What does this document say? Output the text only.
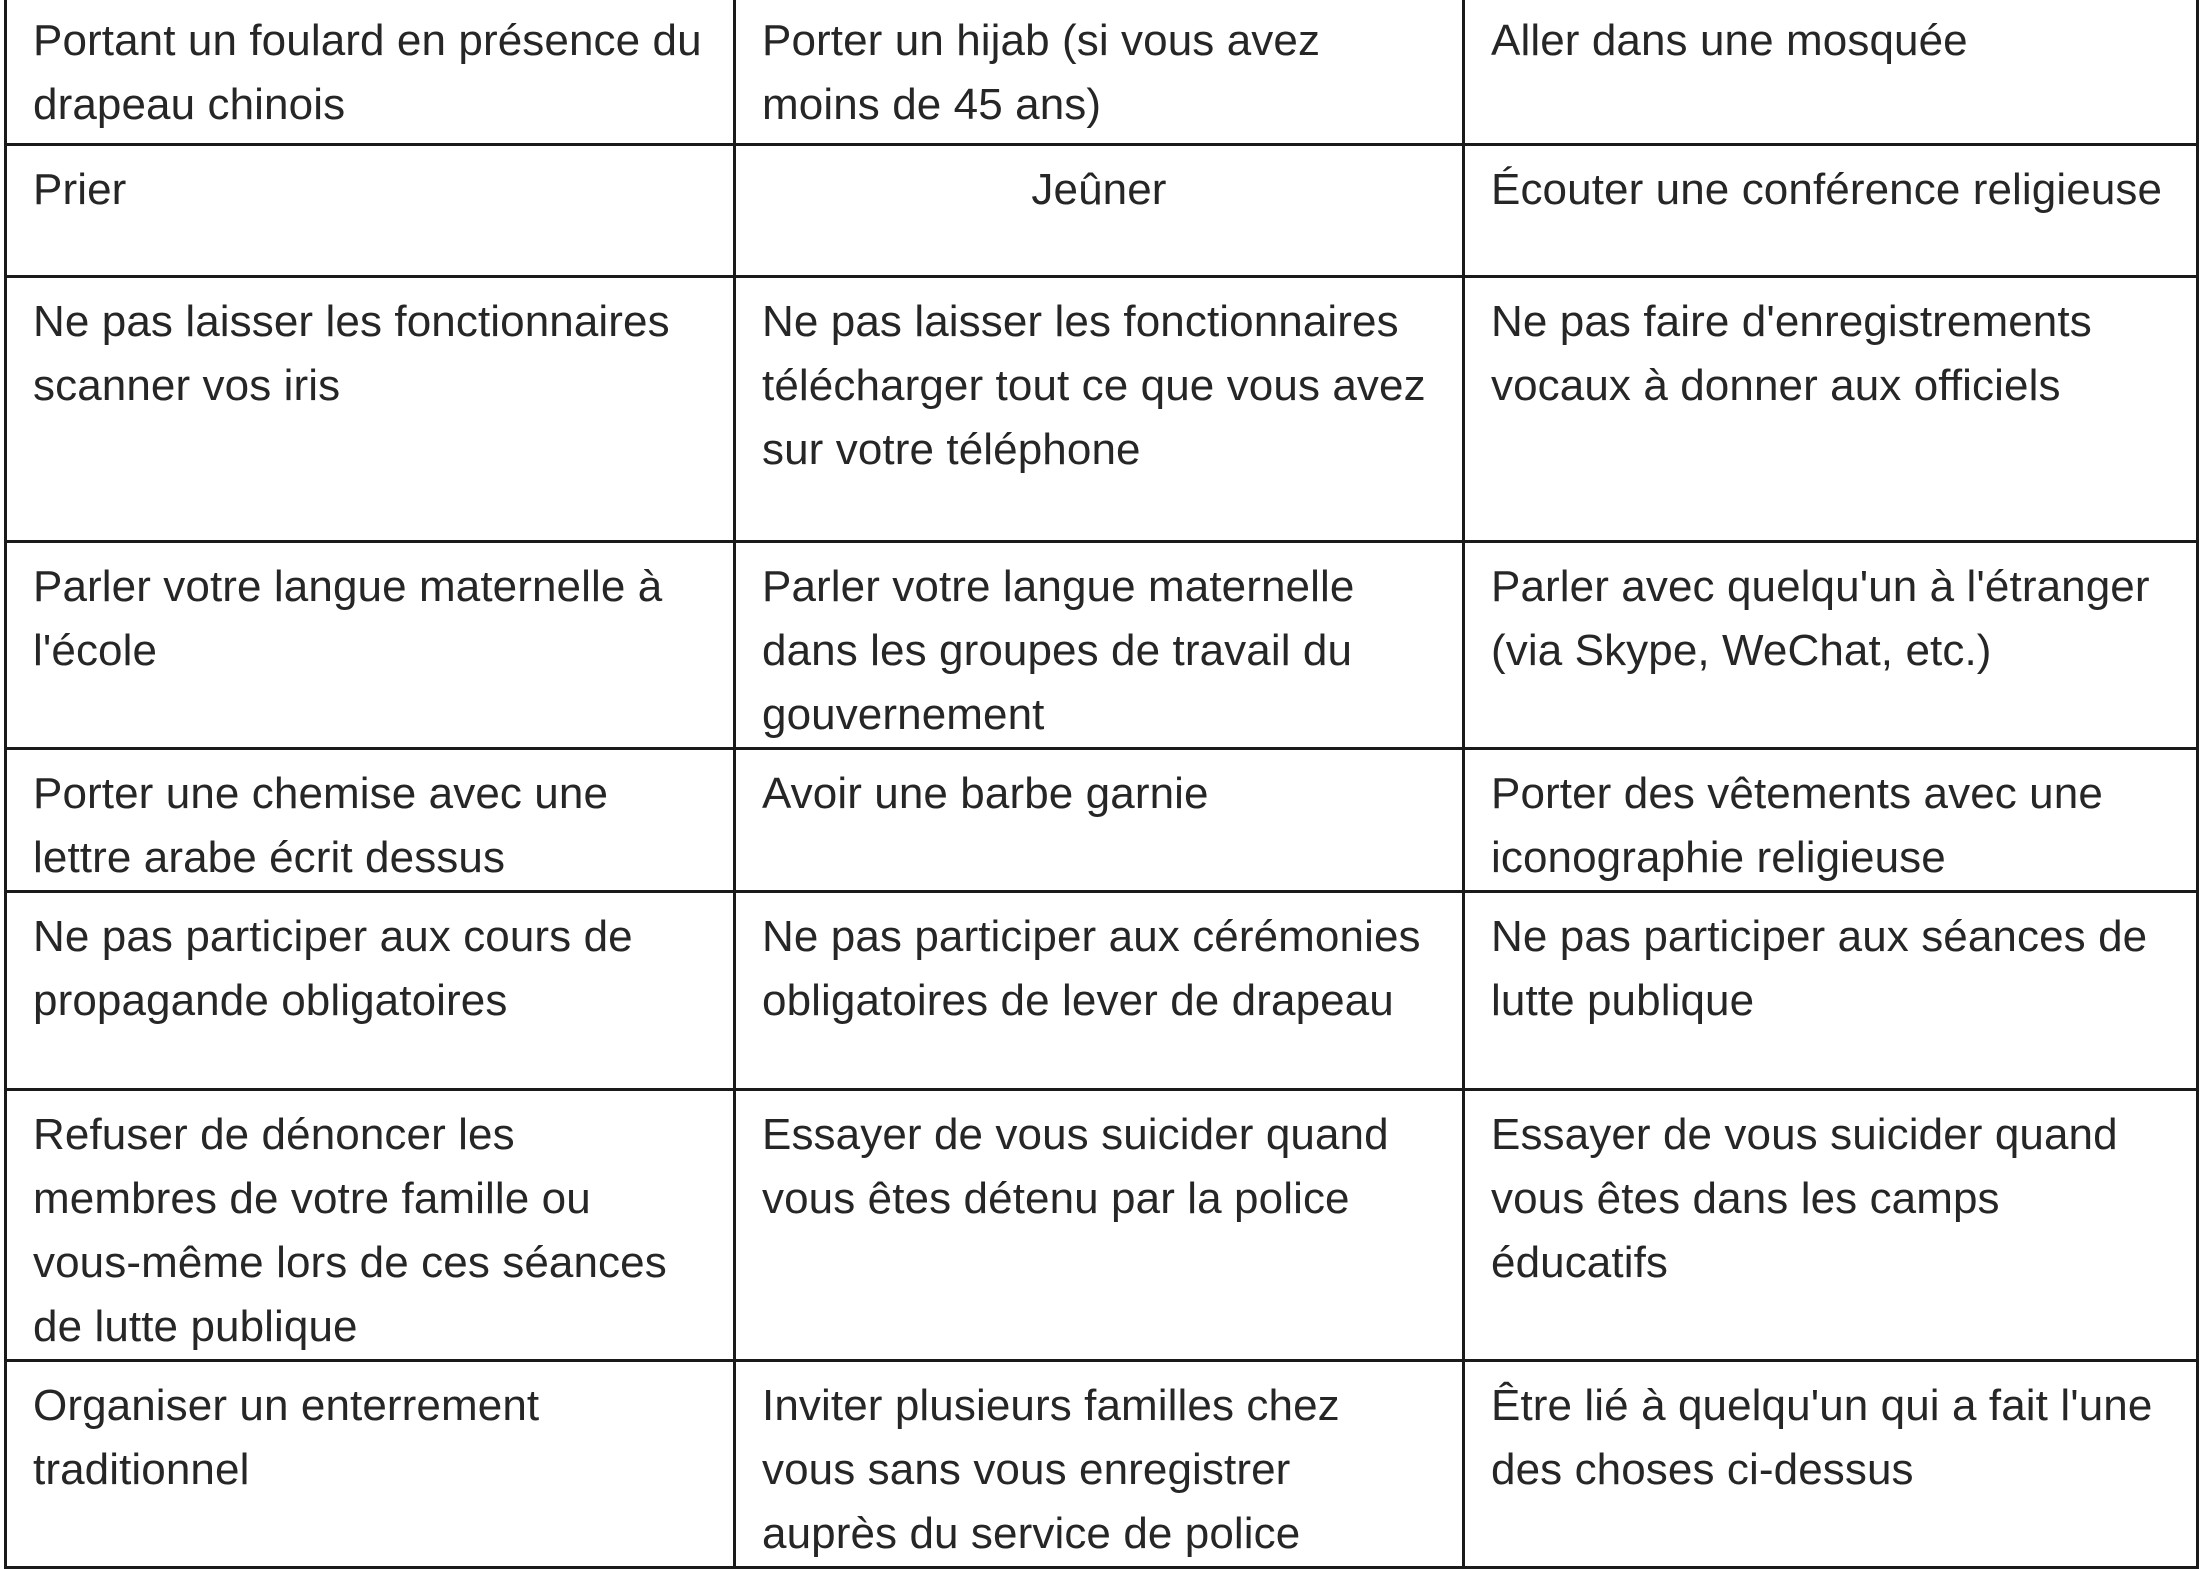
Portant un foulard en présence du drapeau chinois	Porter un hijab (si vous avez moins de 45 ans)	Aller dans une mosquée
Prier	Jeûner	Écouter une conférence religieuse
Ne pas laisser les fonctionnaires scanner vos iris	Ne pas laisser les fonctionnaires télécharger tout ce que vous avez sur votre téléphone	Ne pas faire d'enregistrements vocaux à donner aux officiels
Parler votre langue maternelle à l'école	Parler votre langue maternelle dans les groupes de travail du gouvernement	Parler avec quelqu'un à l'étranger (via Skype, WeChat, etc.)
Porter une chemise avec une lettre arabe écrit dessus	Avoir une barbe garnie	Porter des vêtements avec une iconographie religieuse
Ne pas participer aux cours de propagande obligatoires	Ne pas participer aux cérémonies obligatoires de lever de drapeau	Ne pas participer aux séances de lutte publique
Refuser de dénoncer les membres de votre famille ou vous-même lors de ces séances de lutte publique	Essayer de vous suicider quand vous êtes détenu par la police	Essayer de vous suicider quand vous êtes dans les camps éducatifs
Organiser un enterrement traditionnel	Inviter plusieurs familles chez vous sans vous enregistrer auprès du service de police	Être lié à quelqu'un qui a fait l'une des choses ci-dessus
